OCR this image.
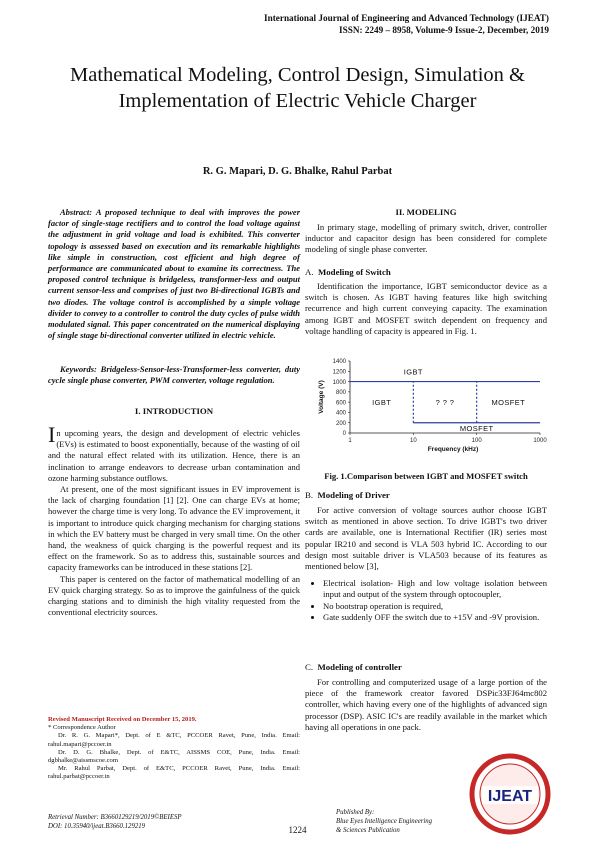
International Journal of Engineering and Advanced Technology (IJEAT)
ISSN: 2249 – 8958, Volume-9 Issue-2, December, 2019
Mathematical Modeling, Control Design, Simulation & Implementation of Electric Vehicle Charger
R. G. Mapari, D. G. Bhalke, Rahul Parbat

Abstract: A proposed technique to deal with improves the power factor of single-stage rectifiers and to control the load voltage against the adjustment in grid voltage and load is exhibited. This converter topology is assessed based on execution and its remarkable highlights like simple in construction, cost efficient and high degree of performance are communicated about to examine its correctness. The proposed control technique is bridgeless, transformer-less and output current sensor-less and comprises of just two Bi-directional IGBTs and two diodes. The voltage control is accomplished by a simple voltage divider to convey to a controller to control the duty cycles of pulse width modulated signal. This paper concentrated on the numerical displaying of single stage bi-directional converter utilized in electric vehicle.

Keywords: Bridgeless-Sensor-less-Transformer-less converter, duty cycle single phase converter, PWM converter, voltage regulation.

I. INTRODUCTION

In upcoming years, the design and development of electric vehicles (EVs) is estimated to boost exponentially, because of the wasting of oil and the natural effect related with its utilization. Hence, there is an inclination to arrange endeavors to decrease urban contamination and ozone harming substance outflows.

At present, one of the most significant issues in EV improvement is the lack of charging foundation [1] [2]. One can charge EVs at home; however the charge time is very long. To advance the EV improvement, it is important to introduce quick charging mechanism for charging stations in which the EV battery must be charged in very small time. On the other hand, the weakness of quick charging is the powerful request and its effect on the framework. So as to address this, sustainable sources and capacity frameworks can be introduced in these stations [2].

This paper is centered on the factor of mathematical modelling of an EV quick charging strategy. So as to improve the gainfulness of the quick charging stations and to diminish the high vitality requested from the conventional electricity sources.

Revised Manuscript Received on December 15, 2019.
* Correspondence Author
Dr. R. G. Mapari*, Dept. of E &TC, PCCOER Ravet, Pune, India. Email: rahul.mapari@pccoer.in
Dr. D. G. Bhalke, Dept. of E&TC, AISSMS COE, Pune, India. Email: dgbhalke@aissmscoe.com
Mr. Rahul Parbat, Dept. of E&TC, PCCOER Ravet, Pune, India. Email: rahul.parbat@pccoer.in
II. MODELING

In primary stage, modelling of primary switch, driver, controller inductor and capacitor design has been considered for complete modeling of single phase converter.

A. Modeling of Switch

Identification the importance, IGBT semiconductor device as a switch is chosen. As IGBT having features like high switching recurrence and high current conveying capacity. The examination among IGBT and MOSFET switch dependent on frequency and voltage handling of capacity is appeared in Fig. 1.

0
200
400
600
800
1000
1200
1400
1	10	100	1000
IGBT
IGBT	? ? ?	MOSFET
MOSFET
Frequency (kHz)
Voltage (V)
Fig. 1.Comparison between IGBT and MOSFET switch
B. Modeling of Driver

For active conversion of voltage sources author choose IGBT switch as mentioned in above section. To drive IGBT's two driver cards are available, one is International Rectifier (IR) series most popular IR210 and second is VLA 503 hybrid IC. According to our design most suitable driver is VLA503 because of its features as mentioned below [3],

• Electrical isolation- High and low voltage isolation between input and output of the system through optocoupler,
• No bootstrap operation is required,
• Gate suddenly OFF the switch due to +15V and -9V provision.
C. Modeling of controller

For controlling and computerized usage of a large portion of the piece of the framework creator favored DSPic33FJ64mc802 controller, which having every one of the highlights of advanced sign processor (DSP). ASIC IC's are readily available in the market which having all operations in one pack.

IJEAT
Retrieval Number: B3660129219/2019©BEIESP
DOI: 10.35940/ijeat.B3660.129219	1224
Published By:
Blue Eyes Intelligence Engineering
& Sciences Publication
